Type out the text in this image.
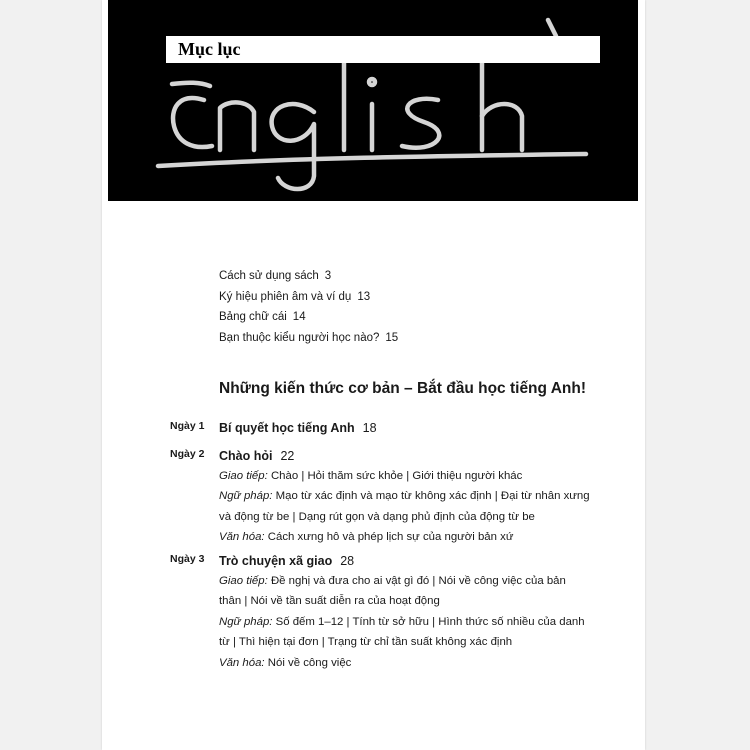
Mục lục
Cách sử dụng sách 3
Ký hiệu phiên âm và ví dụ 13
Bảng chữ cái 14
Bạn thuộc kiểu người học nào? 15
Những kiến thức cơ bản – Bắt đầu học tiếng Anh!
Ngày 1 Bí quyết học tiếng Anh 18
Ngày 2 Chào hỏi 22

Giao tiếp: Chào | Hỏi thăm sức khỏe | Giới thiệu người khác

Ngữ pháp: Mạo từ xác định và mạo từ không xác định | Đại từ nhân xưng và động từ be | Dạng rút gọn và dạng phủ định của động từ be

Văn hóa: Cách xưng hô và phép lịch sự của người bản xứ

Ngày 3 Trò chuyện xã giao 28

Giao tiếp: Đề nghị và đưa cho ai vật gì đó | Nói về công việc của bản thân | Nói về tần suất diễn ra của hoạt động

Ngữ pháp: Số đếm 1–12 | Tính từ sở hữu | Hình thức số nhiều của danh từ | Thì hiện tại đơn | Trạng từ chỉ tần suất không xác định

Văn hóa: Nói về công việc
